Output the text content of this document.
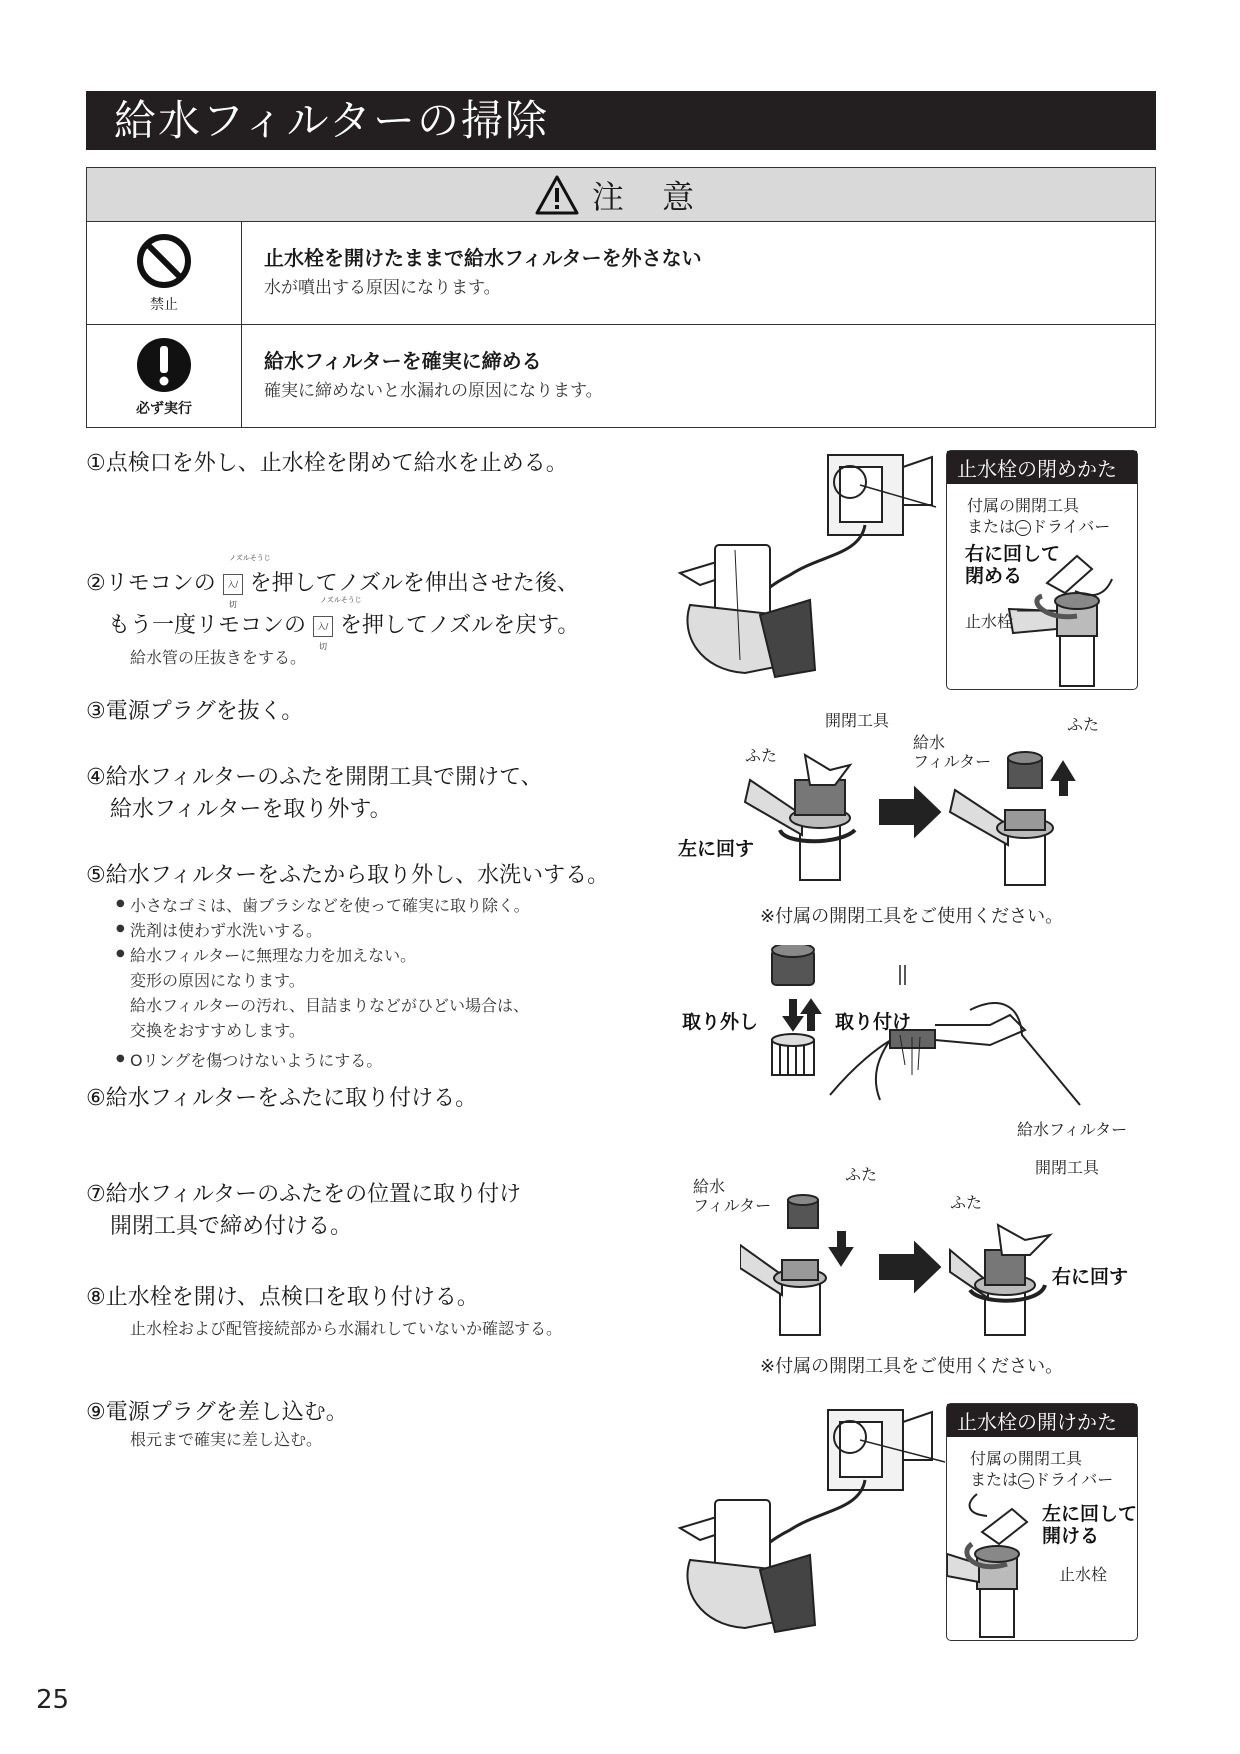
給水フィルターの掃除
注 意
禁止
止水栓を開けたままで給水フィルターを外さない
水が噴出する原因になります。
必ず実行
給水フィルターを確実に締める
確実に締めないと水漏れの原因になります。
①点検口を外し、止水栓を閉めて給水を止める。
ノズルそうじ
②リモコンの 入/切 を押してノズルを伸出させた後、
ノズルそうじ
もう一度リモコンの 入/切 を押してノズルを戻す。
給水管の圧抜きをする。
③電源プラグを抜く。
④給水フィルターのふたを開閉工具で開けて、
給水フィルターを取り外す。
⑤給水フィルターをふたから取り外し、水洗いする。
● 小さなゴミは、歯ブラシなどを使って確実に取り除く。
● 洗剤は使わず水洗いする。
● 給水フィルターに無理な力を加えない。
変形の原因になります。
給水フィルターの汚れ、目詰まりなどがひどい場合は、
交換をおすすめします。
● Oリングを傷つけないようにする。
⑥給水フィルターをふたに取り付ける。
⑦給水フィルターのふたをの位置に取り付け
開閉工具で締め付ける。
⑧止水栓を開け、点検口を取り付ける。
止水栓および配管接続部から水漏れしていないか確認する。
⑨電源プラグを差し込む。
根元まで確実に差し込む。
止水栓の閉めかた
付属の開閉工具
または − ドライバー
右に回して
閉める
止水栓
開閉工具
ふた
ふた
給水
フィルター
左に回す
※付属の開閉工具をご使用ください。
取り外し	取り付け
給水フィルター
ふた
給水
フィルター
開閉工具
ふた
右に回す
※付属の開閉工具をご使用ください。
止水栓の開けかた
付属の開閉工具
または − ドライバー
左に回して
開ける
止水栓
25
